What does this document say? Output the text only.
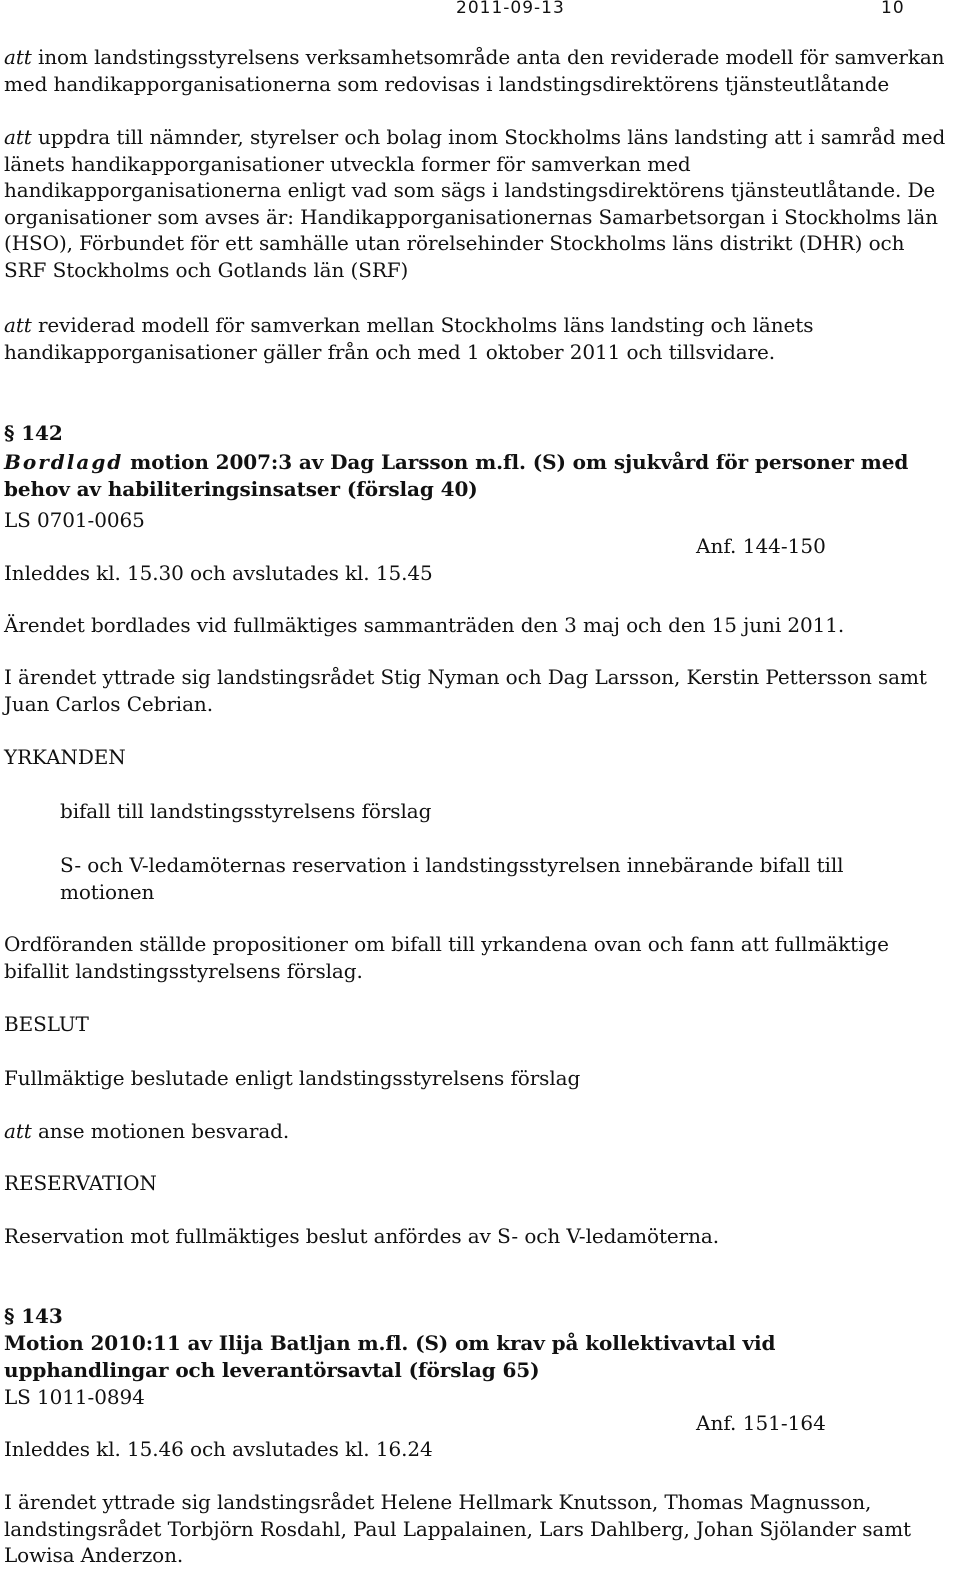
2011-09-13	10
att inom landstingsstyrelsens verksamhetsområde anta den reviderade modell för samverkan med handikapporganisationerna som redovisas i landstingsdirektörens tjänsteutlåtande
att uppdra till nämnder, styrelser och bolag inom Stockholms läns landsting att i samråd med länets handikapporganisationer utveckla former för samverkan med handikapporganisationerna enligt vad som sägs i landstingsdirektörens tjänsteutlåtande. De organisationer som avses är: Handikapporganisationernas Samarbetsorgan i Stockholms län (HSO), Förbundet för ett samhälle utan rörelsehinder Stockholms läns distrikt (DHR) och SRF Stockholms och Gotlands län (SRF)
att reviderad modell för samverkan mellan Stockholms läns landsting och länets handikapporganisationer gäller från och med 1 oktober 2011 och tillsvidare.
§ 142
Bordlagd motion 2007:3 av Dag Larsson m.fl. (S) om sjukvård för personer med behov av habiliteringsinsatser (förslag 40)
LS 0701-0065
Anf. 144-150
Inleddes kl. 15.30 och avslutades kl. 15.45
Ärendet bordlades vid fullmäktiges sammanträden den 3 maj och den 15 juni 2011.
I ärendet yttrade sig landstingsrådet Stig Nyman och Dag Larsson, Kerstin Pettersson samt Juan Carlos Cebrian.
YRKANDEN
bifall till landstingsstyrelsens förslag
S- och V-ledamöternas reservation i landstingsstyrelsen innebärande bifall till motionen
Ordföranden ställde propositioner om bifall till yrkandena ovan och fann att fullmäktige bifallit landstingsstyrelsens förslag.
BESLUT
Fullmäktige beslutade enligt landstingsstyrelsens förslag
att anse motionen besvarad.
RESERVATION
Reservation mot fullmäktiges beslut anfördes av S- och V-ledamöterna.
§ 143
Motion 2010:11 av Ilija Batljan m.fl. (S) om krav på kollektivavtal vid upphandlingar och leverantörsavtal (förslag 65)
LS 1011-0894
Anf. 151-164
Inleddes kl. 15.46 och avslutades kl. 16.24
I ärendet yttrade sig landstingsrådet Helene Hellmark Knutsson, Thomas Magnusson, landstingsrådet Torbjörn Rosdahl, Paul Lappalainen, Lars Dahlberg, Johan Sjölander samt Lowisa Anderzon.
